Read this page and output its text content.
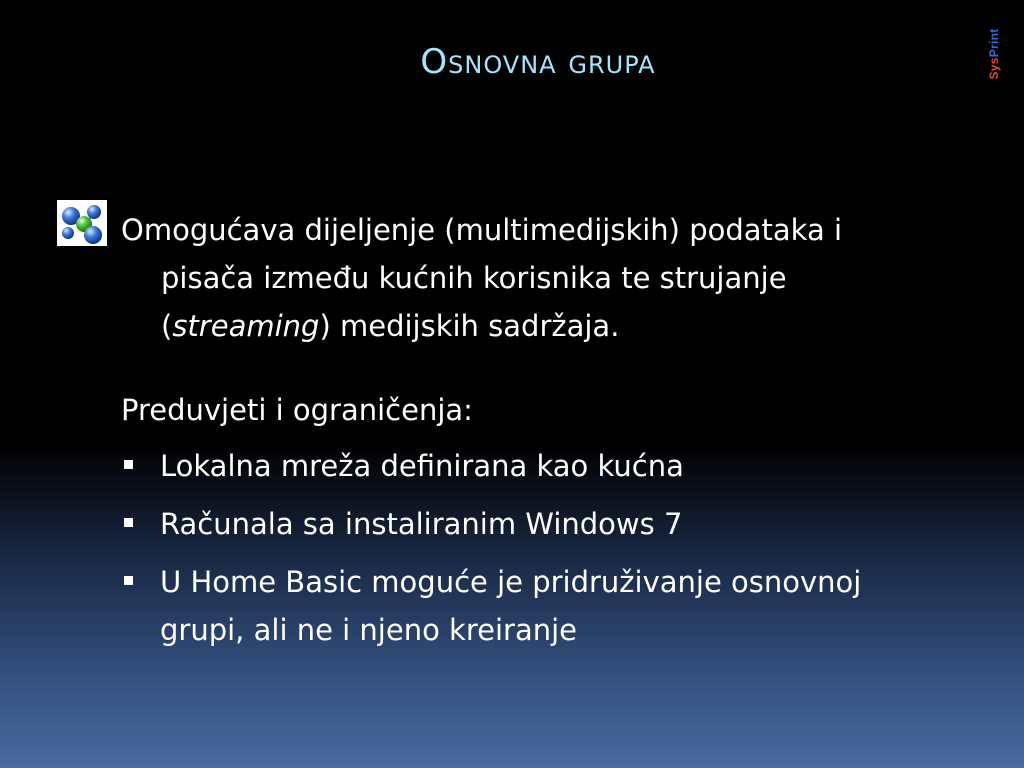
Osnovna grupa	SysPrint
Omogućava dijeljenje (multimedijskih) podataka i
pisača između kućnih korisnika te strujanje
(streaming) medijskih sadržaja.
Preduvjeti i ograničenja:
Lokalna mreža definirana kao kućna
Računala sa instaliranim Windows 7
U Home Basic moguće je pridruživanje osnovnoj
grupi, ali ne i njeno kreiranje
